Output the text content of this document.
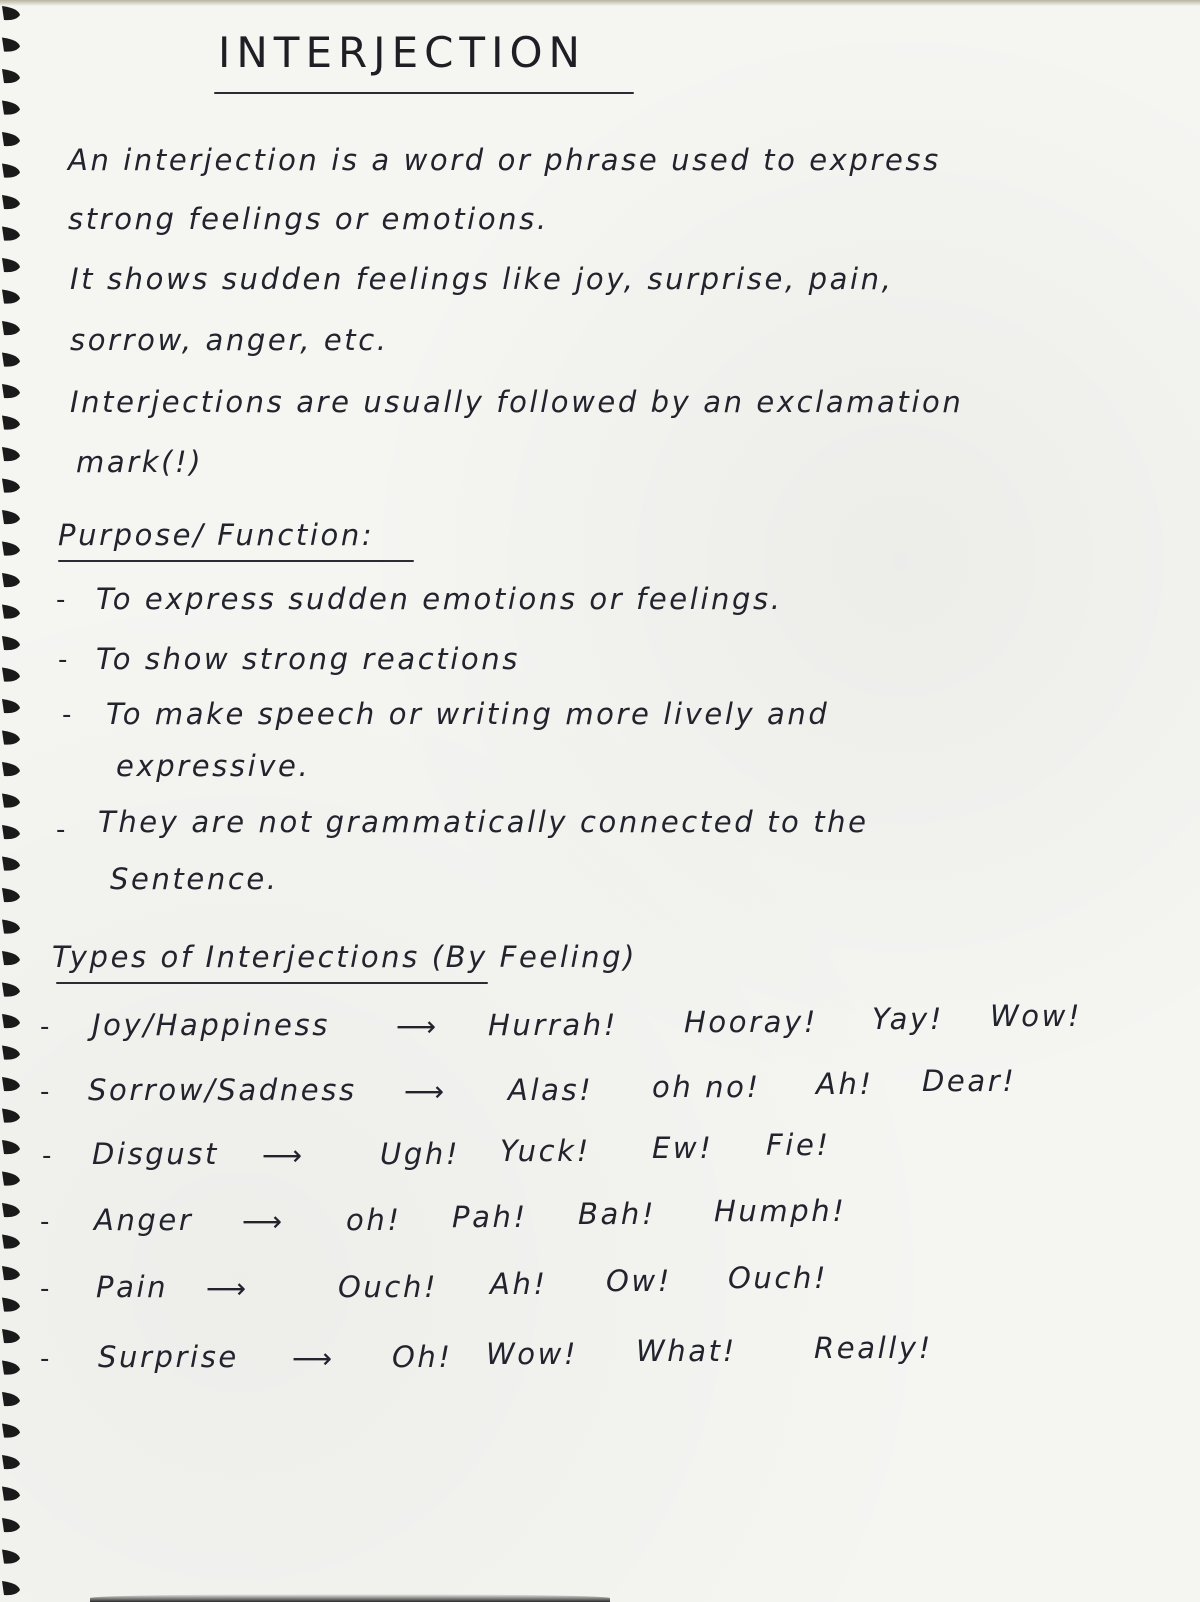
INTERJECTION
An interjection is a word or phrase used to express
strong feelings or emotions.
It shows sudden feelings like joy, surprise, pain,
sorrow, anger, etc.
Interjections are usually followed by an exclamation
mark(!)
Purpose/ Function:
- To express sudden emotions or feelings.
- To show strong reactions
- To make speech or writing more lively and
expressive.
- They are not grammatically connected to the
Sentence.
Types of Interjections (By Feeling)
- Joy/Happiness ⟶ Hurrah! Hooray! Yay! Wow!
- Sorrow/Sadness ⟶ Alas! oh no! Ah! Dear!
- Disgust ⟶	Ugh! Yuck! Ew! Fie!
- Anger ⟶ oh! Pah! Bah! Humph!
- Pain ⟶	Ouch! Ah! Ow! Ouch!
- Surprise ⟶ Oh! Wow! What!	Really!
